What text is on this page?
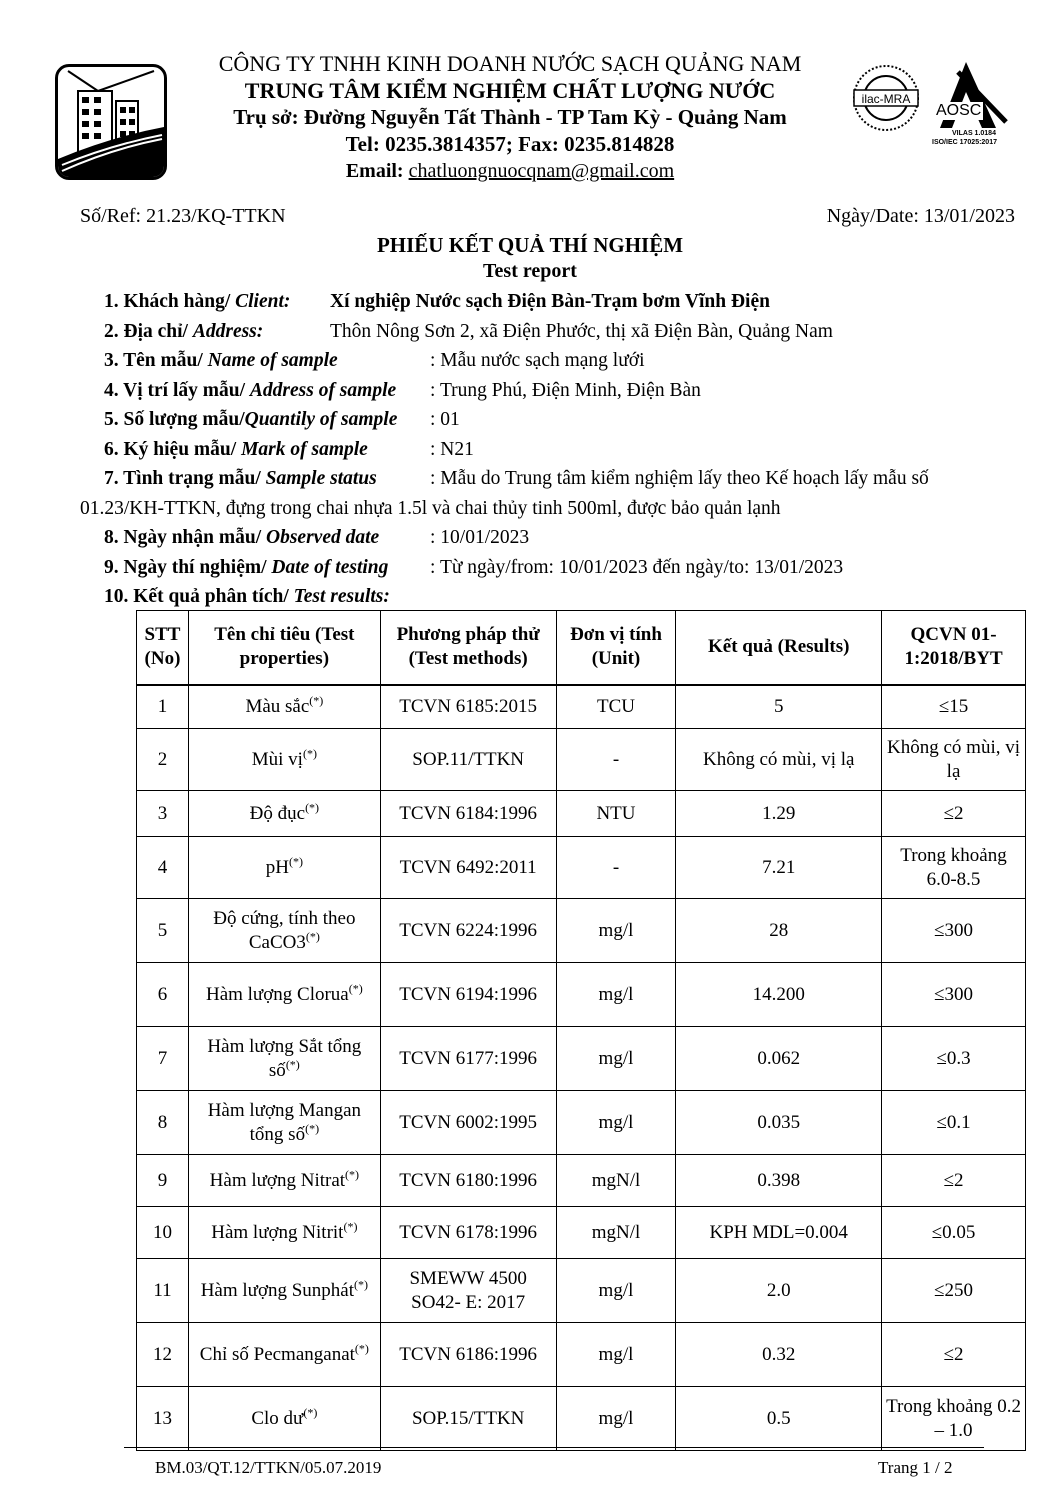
CÔNG TY TNHH KINH DOANH NƯỚC SẠCH QUẢNG NAM
TRUNG TÂM KIỂM NGHIỆM CHẤT LƯỢNG NƯỚC
Trụ sở: Đường Nguyễn Tất Thành - TP Tam Kỳ - Quảng Nam
Tel: 0235.3814357; Fax: 0235.814828
Email: chatluongnuocqnam@gmail.com
ilac-MRA
AOSC
VILAS 1.0184
ISO/IEC 17025:2017
Số/Ref: 21.23/KQ-TTKN	Ngày/Date: 13/01/2023
PHIẾU KẾT QUẢ THÍ NGHIỆM
Test report
1. Khách hàng/ Client: Xí nghiệp Nước sạch Điện Bàn-Trạm bơm Vĩnh Điện
2. Địa chỉ/ Address:	Thôn Nông Sơn 2, xã Điện Phước, thị xã Điện Bàn, Quảng Nam
3. Tên mẫu/ Name of sample	: Mẫu nước sạch mạng lưới
4. Vị trí lấy mẫu/ Address of sample : Trung Phú, Điện Minh, Điện Bàn
5. Số lượng mẫu/Quantily of sample : 01
6. Ký hiệu mẫu/ Mark of sample	: N21
7. Tình trạng mẫu/ Sample status	: Mẫu do Trung tâm kiểm nghiệm lấy theo Kế hoạch lấy mẫu số
01.23/KH-TTKN, đựng trong chai nhựa 1.5l và chai thủy tinh 500ml, được bảo quản lạnh
8. Ngày nhận mẫu/ Observed date	: 10/01/2023
9. Ngày thí nghiệm/ Date of testing : Từ ngày/from: 10/01/2023 đến ngày/to: 13/01/2023
10. Kết quả phân tích/ Test results:
STT (No)	Tên chỉ tiêu (Test properties)	Phương pháp thử (Test methods)	Đơn vị tính (Unit)	Kết quả (Results)	QCVN 01-1:2018/BYT
1	Màu sắc(*)	TCVN 6185:2015	TCU	5	≤15
2	Mùi vị(*)	SOP.11/TTKN	-	Không có mùi, vị lạ	Không có mùi, vị lạ
3	Độ đục(*)	TCVN 6184:1996	NTU	1.29	≤2
4	pH(*)	TCVN 6492:2011	-	7.21	Trong khoảng 6.0-8.5
5	Độ cứng, tính theo CaCO3(*)	TCVN 6224:1996	mg/l	28	≤300
6	Hàm lượng Clorua(*)	TCVN 6194:1996	mg/l	14.200	≤300
7	Hàm lượng Sắt tổng số(*)	TCVN 6177:1996	mg/l	0.062	≤0.3
8	Hàm lượng Mangan tổng số(*)	TCVN 6002:1995	mg/l	0.035	≤0.1
9	Hàm lượng Nitrat(*)	TCVN 6180:1996	mgN/l	0.398	≤2
10	Hàm lượng Nitrit(*)	TCVN 6178:1996	mgN/l	KPH MDL=0.004	≤0.05
11	Hàm lượng Sunphát(*)	SMEWW 4500 SO42- E: 2017	mg/l	2.0	≤250
12	Chỉ số Pecmanganat(*)	TCVN 6186:1996	mg/l	0.32	≤2
13	Clo dư(*)	SOP.15/TTKN	mg/l	0.5	Trong khoảng 0.2 – 1.0
BM.03/QT.12/TTKN/05.07.2019	Trang 1 / 2
